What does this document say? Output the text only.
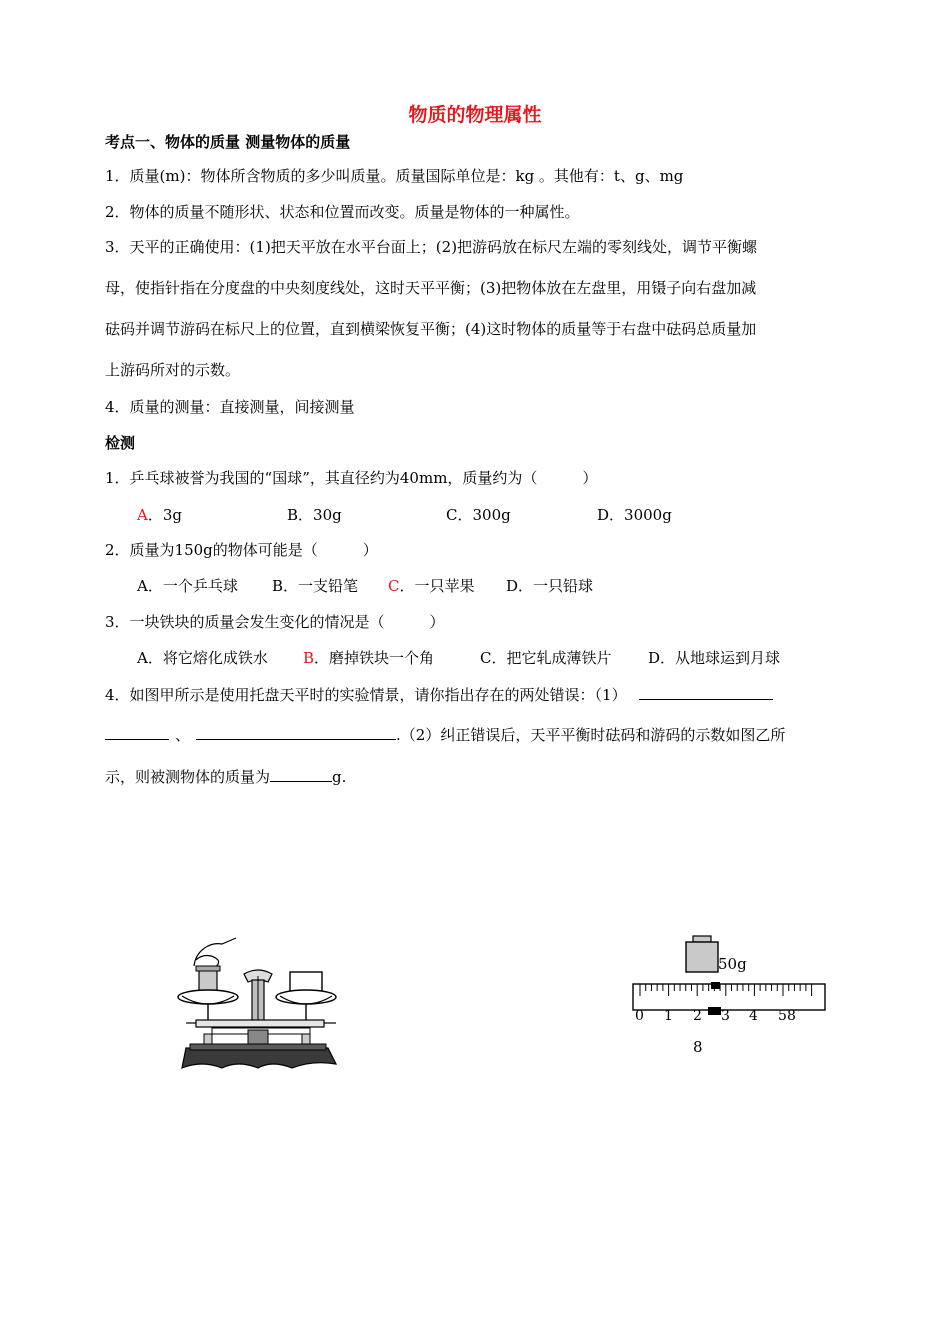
物质的物理属性
考点一、物体的质量 测量物体的质量
1．质量(m)：物体所含物质的多少叫质量。质量国际单位是：kg 。其他有：t、g、mg
2．物体的质量不随形状、状态和位置而改变。质量是物体的一种属性。
3．天平的正确使用：(1)把天平放在水平台面上；(2)把游码放在标尺左端的零刻线处，调节平衡螺
母，使指针指在分度盘的中央刻度线处，这时天平平衡；(3)把物体放在左盘里，用镊子向右盘加减
砝码并调节游码在标尺上的位置，直到横梁恢复平衡；(4)这时物体的质量等于右盘中砝码总质量加
上游码所对的示数。
4．质量的测量：直接测量，间接测量
检测
1．乒乓球被誉为我国的“国球”，其直径约为40mm，质量约为（　　　）
A．3g	B．30g	C．300g	D．3000g
2．质量为150g的物体可能是（　　　）
A．一个乒乓球 B．一支铅笔 C．一只苹果 D．一只铅球
3．一块铁块的质量会发生变化的情况是（　　　）
A．将它熔化成铁水 B．磨掉铁块一个角	C．把它轧成薄铁片 D．从地球运到月球
4．如图甲所示是使用托盘天平时的实验情景，请你指出存在的两处错误：（1）
、	.（2）纠正错误后，天平平衡时砝码和游码的示数如图乙所
示，则被测物体的质量为	g.
50g
0 1 2 3 4 5 8
8
